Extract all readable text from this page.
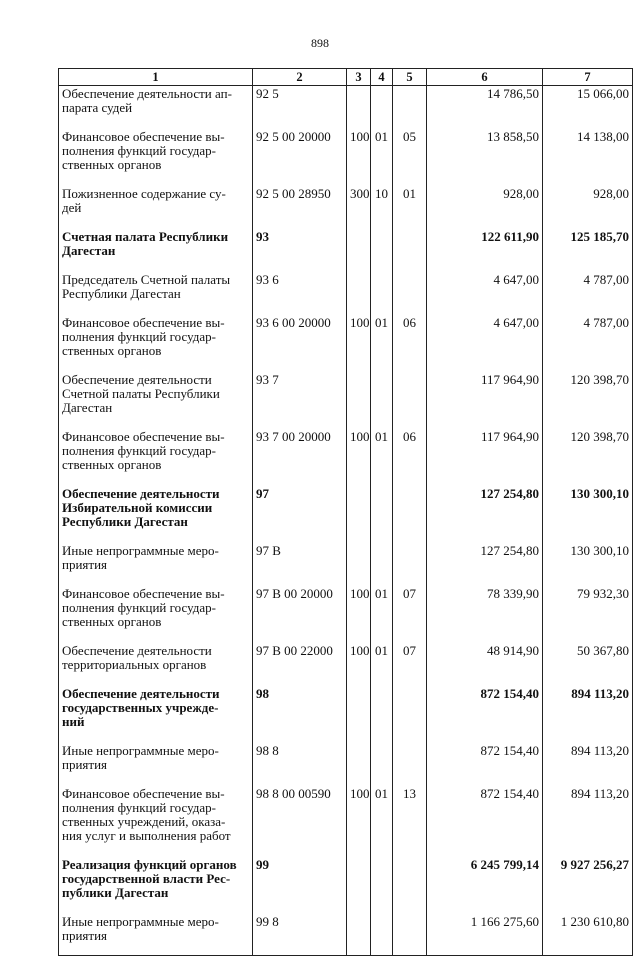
898
1	2	3	4	5	6	7
Обеспечение деятельности ап-
парата судей	92 5				14 786,50	15 066,00
Финансовое обеспечение вы-
полнения функций государ-
ственных органов	92 5 00 20000	100	01	05	13 858,50	14 138,00
Пожизненное содержание су-
дей	92 5 00 28950	300	10	01	928,00	928,00
Счетная палата Республики
Дагестан	93				122 611,90	125 185,70
Председатель Счетной палаты
Республики Дагестан	93 6				4 647,00	4 787,00
Финансовое обеспечение вы-
полнения функций государ-
ственных органов	93 6 00 20000	100	01	06	4 647,00	4 787,00
Обеспечение деятельности
Счетной палаты Республики
Дагестан	93 7				117 964,90	120 398,70
Финансовое обеспечение вы-
полнения функций государ-
ственных органов	93 7 00 20000	100	01	06	117 964,90	120 398,70
Обеспечение деятельности
Избирательной комиссии
Республики Дагестан	97				127 254,80	130 300,10
Иные непрограммные меро-
приятия	97 В				127 254,80	130 300,10
Финансовое обеспечение вы-
полнения функций государ-
ственных органов	97 В 00 20000	100	01	07	78 339,90	79 932,30
Обеспечение деятельности
территориальных органов	97 В 00 22000	100	01	07	48 914,90	50 367,80
Обеспечение деятельности
государственных учрежде-
ний	98				872 154,40	894 113,20
Иные непрограммные меро-
приятия	98 8				872 154,40	894 113,20
Финансовое обеспечение вы-
полнения функций государ-
ственных учреждений, оказа-
ния услуг и выполнения работ	98 8 00 00590	100	01	13	872 154,40	894 113,20
Реализация функций органов
государственной власти Рес-
публики Дагестан	99				6 245 799,14	9 927 256,27
Иные непрограммные меро-
приятия	99 8				1 166 275,60	1 230 610,80
